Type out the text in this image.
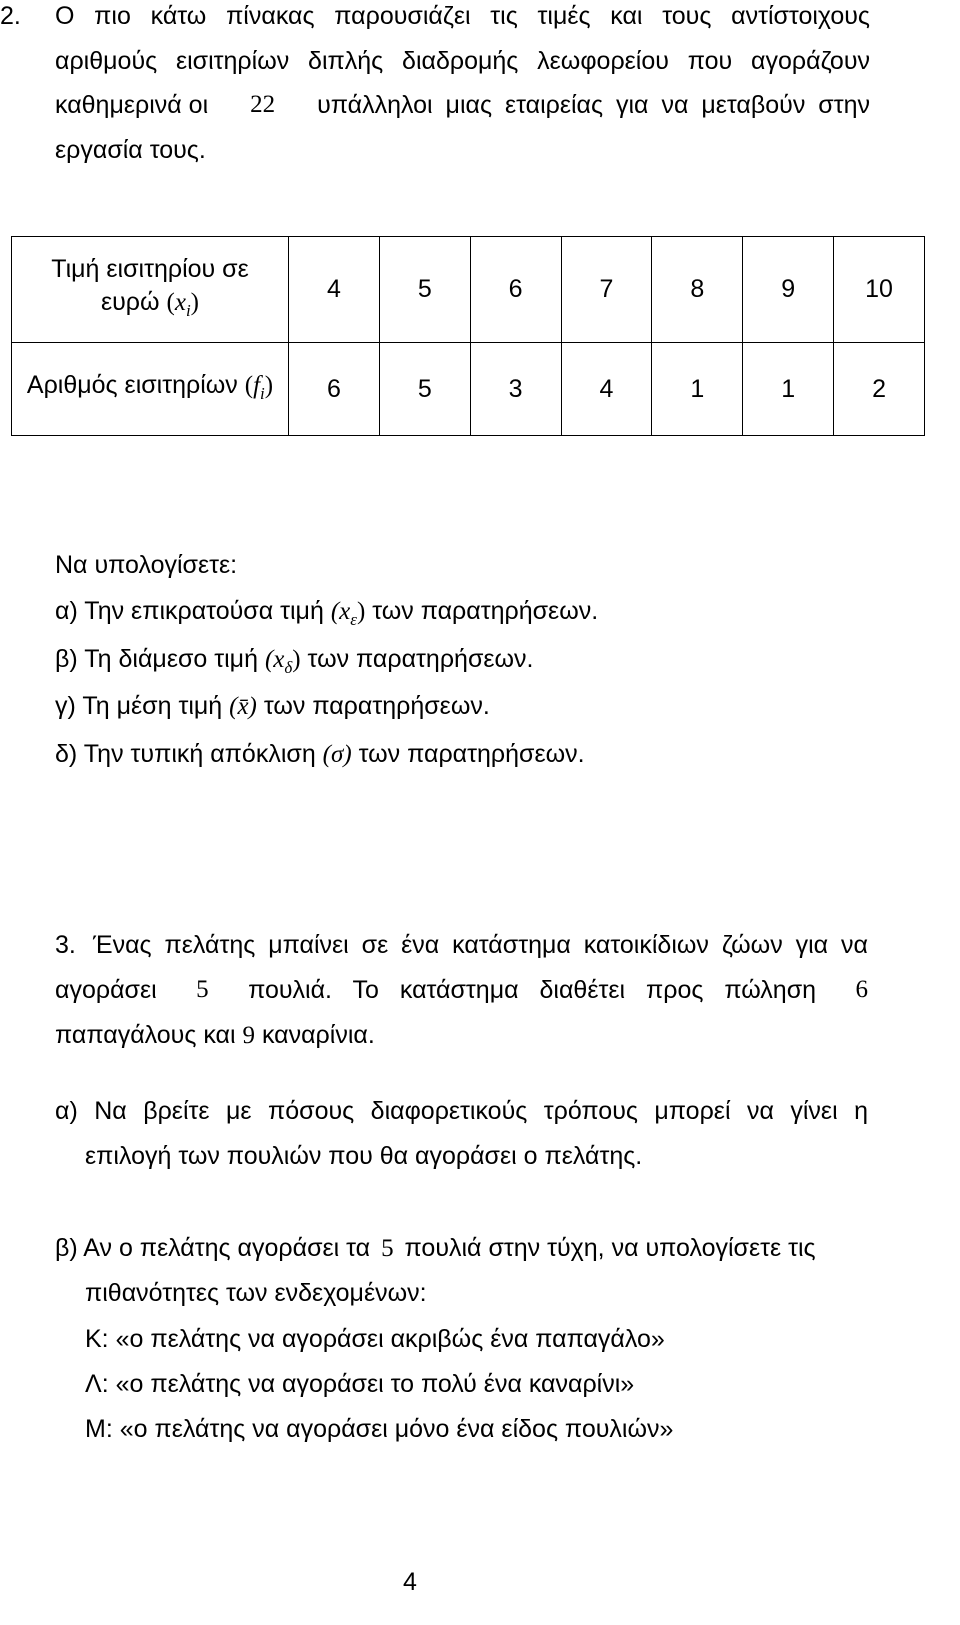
2. Ο πιο κάτω πίνακας παρουσιάζει τις τιμές και τους αντίστοιχους
αριθμούς εισιτηρίων διπλής διαδρομής λεωφορείου που αγοράζουν
καθημερινά οι 22 υπάλληλοι μιας εταιρείας για να μεταβούν στην
εργασία τους.
Τιμή εισιτηρίου σε
ευρώ $(x_i)$	4	5	6	7	8	9	10
Αριθμός εισιτηρίων $(f_i)$	6	5	3	4	1	1	2
Να υπολογίσετε:
α) Την επικρατούσα τιμή $(x_\varepsilon)$ των παρατηρήσεων.
β) Τη διάμεσο τιμή $(x_\delta)$ των παρατηρήσεων.
γ) Τη μέση τιμή (x̄) των παρατηρήσεων.
δ) Την τυπική απόκλιση (σ) των παρατηρήσεων.
3. Ένας πελάτης μπαίνει σε ένα κατάστημα κατοικίδιων ζώων για να
αγοράσει 5 πουλιά. Το κατάστημα διαθέτει προς πώληση 6
παπαγάλους και 9 καναρίνια.
α) Να βρείτε με πόσους διαφορετικούς τρόπους μπορεί να γίνει η
επιλογή των πουλιών που θα αγοράσει ο πελάτης.
β) Αν ο πελάτης αγοράσει τα 5 πουλιά στην τύχη, να υπολογίσετε τις
πιθανότητες των ενδεχομένων:
Κ: «ο πελάτης να αγοράσει ακριβώς ένα παπαγάλο»
Λ: «ο πελάτης να αγοράσει το πολύ ένα καναρίνι»
Μ: «ο πελάτης να αγοράσει μόνο ένα είδος πουλιών»
4
